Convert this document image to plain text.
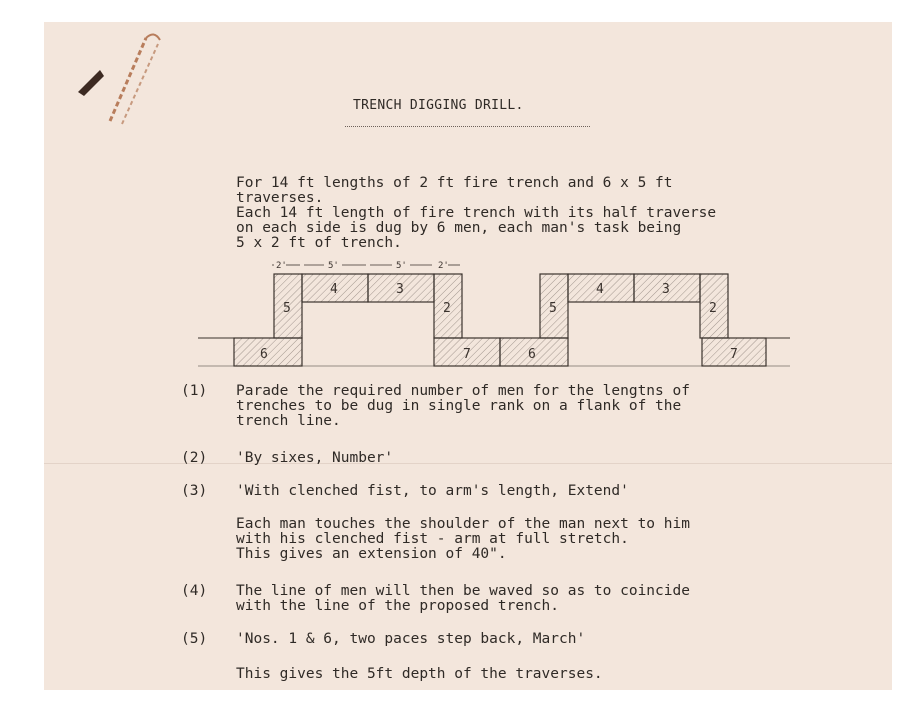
TRENCH DIGGING DRILL.
For 14 ft lengths of 2 ft fire trench and 6 x 5 ft
traverses.
Each 14 ft length of fire trench with its half traverse
on each side is dug by 6 men, each man's task being
5 x 2 ft of trench.
2'	5'	5'	2'
5
4	3
2
6	7	6
5
4	3
2
7
(1) Parade the required number of men for the lengtns of
trenches to be dug in single rank on a flank of the
trench line.
(2) 'By sixes, Number'
(3) 'With clenched fist, to arm's length, Extend'
Each man touches the shoulder of the man next to him
with his clenched fist - arm at full stretch.
This gives an extension of 40".
(4) The line of men will then be waved so as to coincide
with the line of the proposed trench.
(5) 'Nos. 1 & 6, two paces step back, March'
This gives the 5ft depth of the traverses.
